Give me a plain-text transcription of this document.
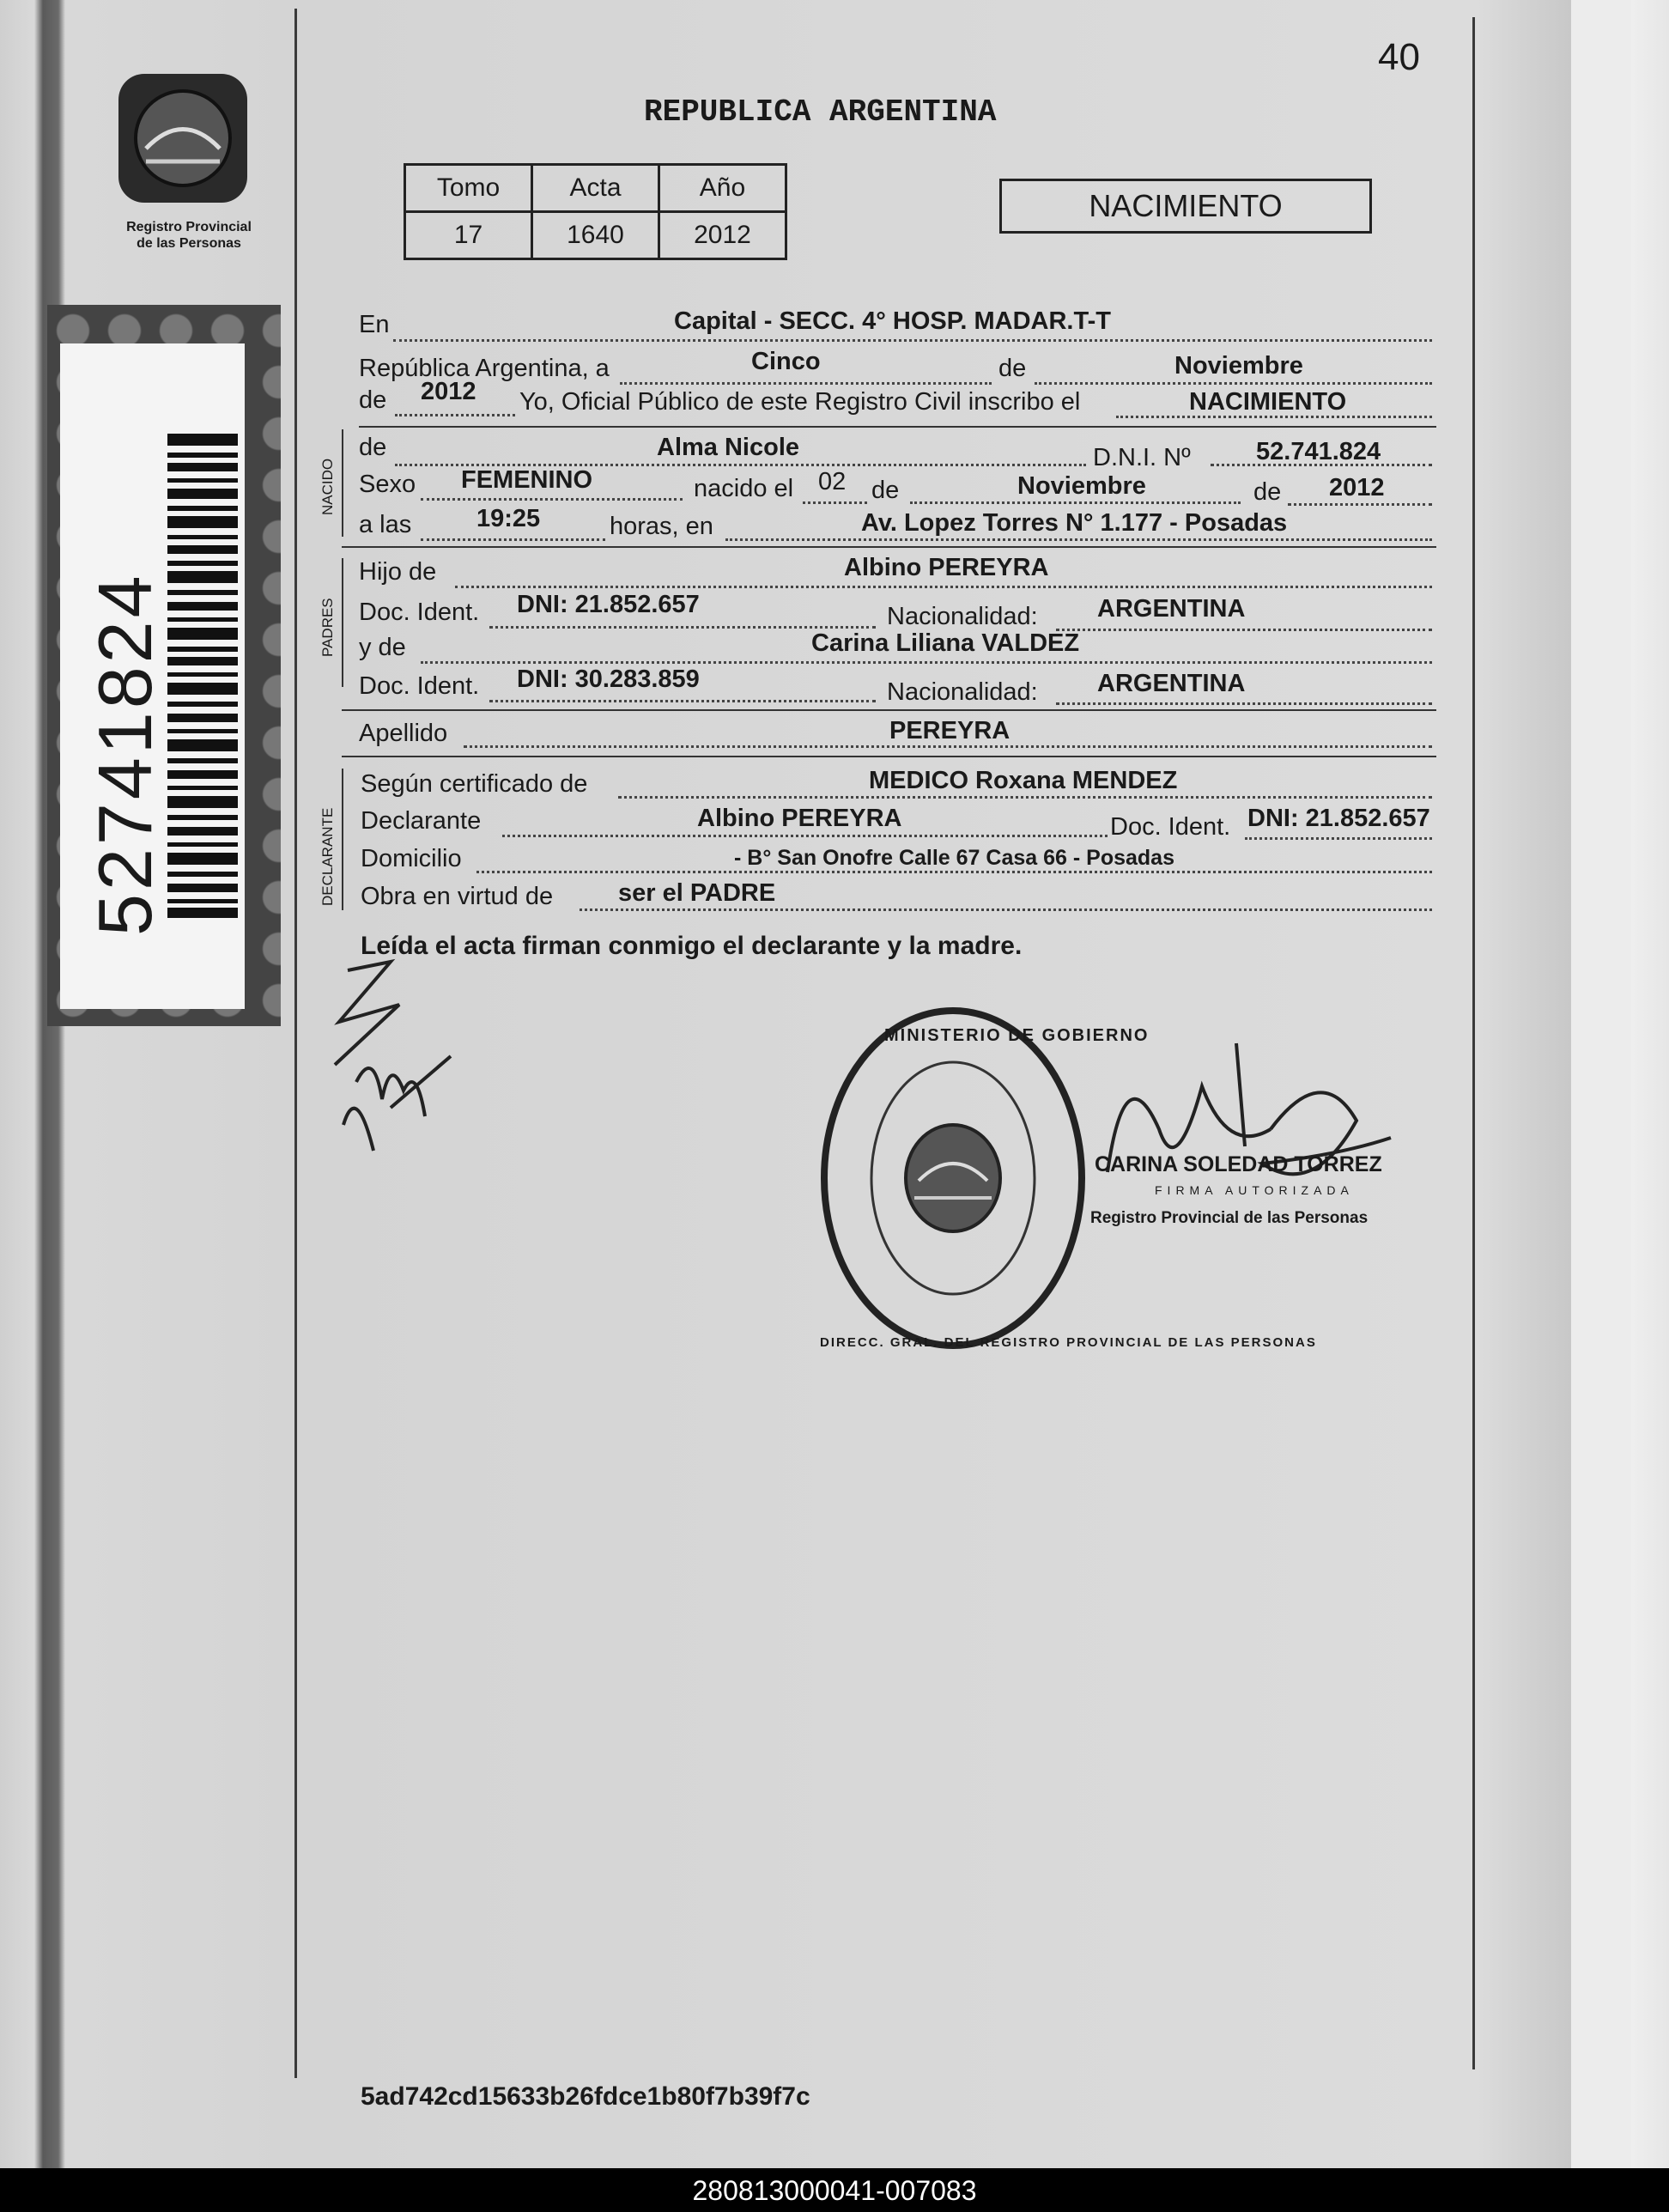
Registro Provincial
de las Personas
52741824
40
REPUBLICA ARGENTINA
Tomo	Acta	Año
17	1640	2012
NACIMIENTO
En	Capital - SECC. 4° HOSP. MADAR.T-T
República Argentina, a	Cinco	de	Noviembre
de 2012 Yo, Oficial Público de este Registro Civil inscribo el	NACIMIENTO
NACIDO
de	Alma Nicole	D.N.I. Nº	52.741.824
Sexo FEMENINO	nacido el 02 de	Noviembre	de 2012
a las	19:25	horas, en	Av. Lopez Torres N° 1.177 - Posadas
PADRES
Hijo de	Albino PEREYRA
Doc. Ident. DNI: 21.852.657	Nacionalidad: ARGENTINA
y de	Carina Liliana VALDEZ
Doc. Ident. DNI: 30.283.859	Nacionalidad: ARGENTINA
Apellido	PEREYRA
DECLARANTE
Según certificado de	MEDICO Roxana MENDEZ
Declarante	Albino PEREYRA	Doc. Ident. DNI: 21.852.657
Domicilio	- B° San Onofre Calle 67 Casa 66 - Posadas
Obra en virtud de	ser el PADRE
Leída el acta firman conmigo el declarante y la madre.
MINISTERIO DE GOBIERNO
DIRECC. GRAL. DEL REGISTRO PROVINCIAL DE LAS PERSONAS
CARINA SOLEDAD TORREZ
FIRMA AUTORIZADA
Registro Provincial de las Personas
5ad742cd15633b26fdce1b80f7b39f7c
280813000041-007083
